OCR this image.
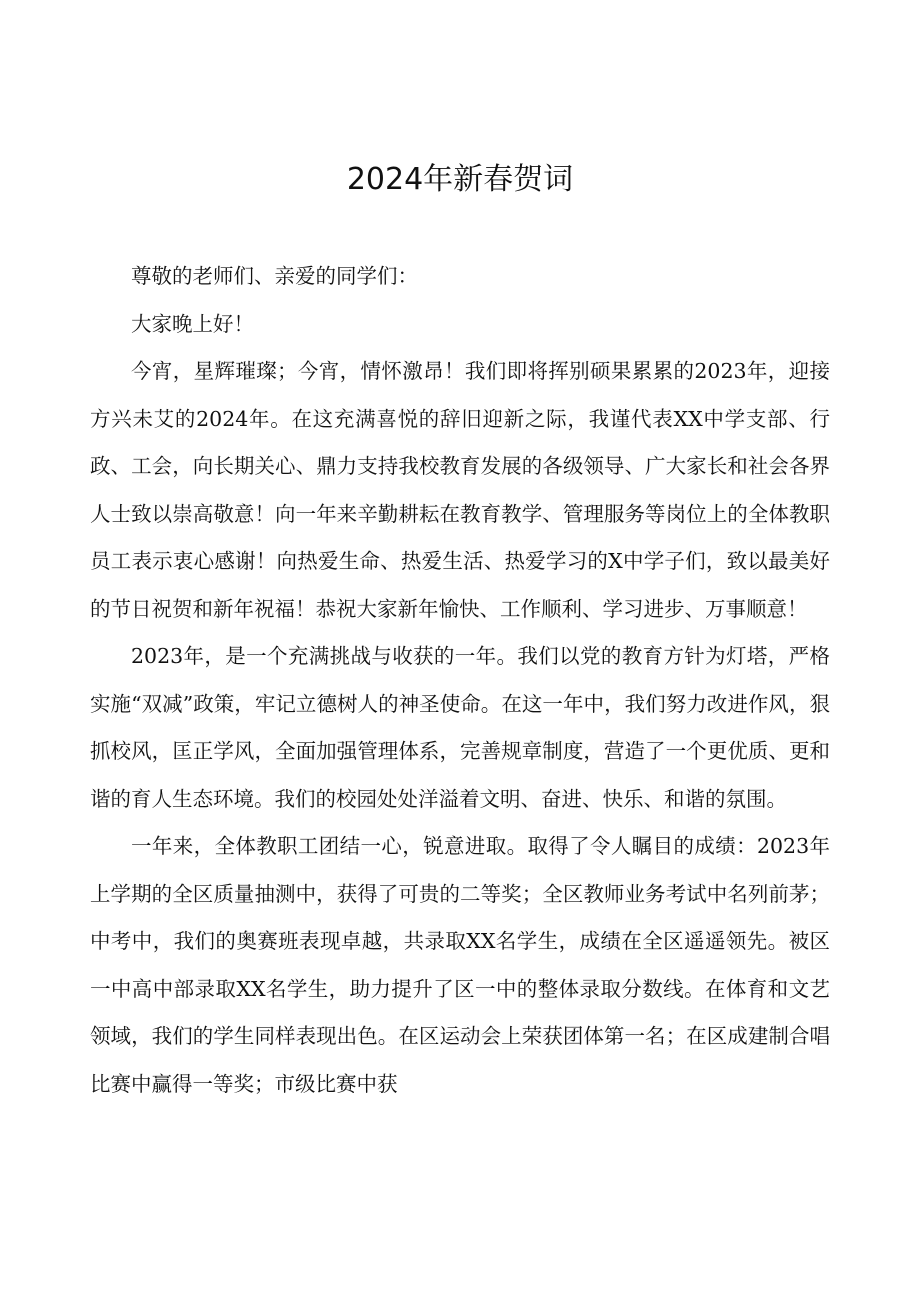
2024年新春贺词

尊敬的老师们、亲爱的同学们：

大家晚上好！

今宵，星辉璀璨；今宵，情怀激昂！我们即将挥别硕果累累的2023年，迎接方兴未艾的2024年。在这充满喜悦的辞旧迎新之际，我谨代表XX中学支部、行政、工会，向长期关心、鼎力支持我校教育发展的各级领导、广大家长和社会各界人士致以崇高敬意！向一年来辛勤耕耘在教育教学、管理服务等岗位上的全体教职员工表示衷心感谢！向热爱生命、热爱生活、热爱学习的X中学子们，致以最美好的节日祝贺和新年祝福！恭祝大家新年愉快、工作顺利、学习进步、万事顺意！

2023年，是一个充满挑战与收获的一年。我们以党的教育方针为灯塔，严格实施“双减”政策，牢记立德树人的神圣使命。在这一年中，我们努力改进作风，狠抓校风，匡正学风，全面加强管理体系，完善规章制度，营造了一个更优质、更和谐的育人生态环境。我们的校园处处洋溢着文明、奋进、快乐、和谐的氛围。

一年来，全体教职工团结一心，锐意进取。取得了令人瞩目的成绩：2023年上学期的全区质量抽测中，获得了可贵的二等奖；全区教师业务考试中名列前茅；中考中，我们的奥赛班表现卓越，共录取XX名学生，成绩在全区遥遥领先。被区一中高中部录取XX名学生，助力提升了区一中的整体录取分数线。在体育和文艺领域，我们的学生同样表现出色。在区运动会上荣获团体第一名；在区成建制合唱比赛中赢得一等奖；市级比赛中获
